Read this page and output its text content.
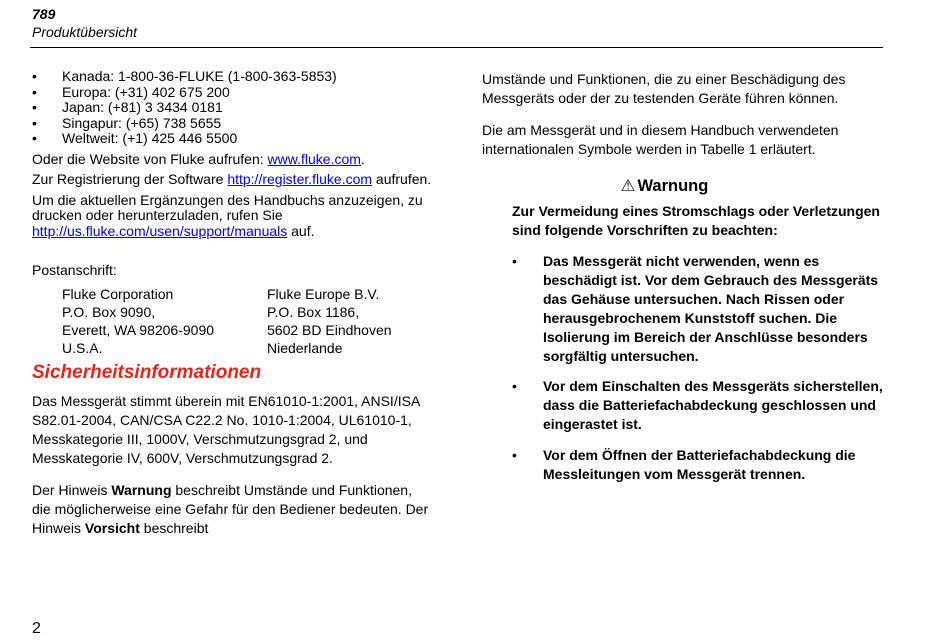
789
Produktübersicht
• Kanada: 1-800-36-FLUKE (1-800-363-5853)
• Europa: (+31) 402 675 200
• Japan: (+81) 3 3434 0181
• Singapur: (+65) 738 5655
• Weltweit: (+1) 425 446 5500

Oder die Website von Fluke aufrufen: www.fluke.com.

Zur Registrierung der Software http://register.fluke.com aufrufen.

Um die aktuellen Ergänzungen des Handbuchs anzuzeigen, zu drucken oder herunterzuladen, rufen Sie http://us.fluke.com/usen/support/manuals auf.

Postanschrift:

Fluke Corporation	Fluke Europe B.V.
P.O. Box 9090,	P.O. Box 1186,
Everett, WA 98206-9090	5602 BD Eindhoven
U.S.A.	Niederlande
Sicherheitsinformationen

Das Messgerät stimmt überein mit EN61010-1:2001, ANSI/ISA S82.01-2004, CAN/CSA C22.2 No. 1010-1:2004, UL61010-1, Messkategorie III, 1000V, Verschmutzungsgrad 2, und Messkategorie IV, 600V, Verschmutzungsgrad 2.

Der Hinweis Warnung beschreibt Umstände und Funktionen, die möglicherweise eine Gefahr für den Bediener bedeuten. Der Hinweis Vorsicht beschreibt

Umstände und Funktionen, die zu einer Beschädigung des Messgeräts oder der zu testenden Geräte führen können.

Die am Messgerät und in diesem Handbuch verwendeten internationalen Symbole werden in Tabelle 1 erläutert.

⚠ Warnung

Zur Vermeidung eines Stromschlags oder Verletzungen sind folgende Vorschriften zu beachten:

• Das Messgerät nicht verwenden, wenn es beschädigt ist. Vor dem Gebrauch des Messgeräts das Gehäuse untersuchen. Nach Rissen oder herausgebrochenem Kunststoff suchen. Die Isolierung im Bereich der Anschlüsse besonders sorgfältig untersuchen.
• Vor dem Einschalten des Messgeräts sicherstellen, dass die Batteriefachabdeckung geschlossen und eingerastet ist.
• Vor dem Öffnen der Batteriefachabdeckung die Messleitungen vom Messgerät trennen.
2
